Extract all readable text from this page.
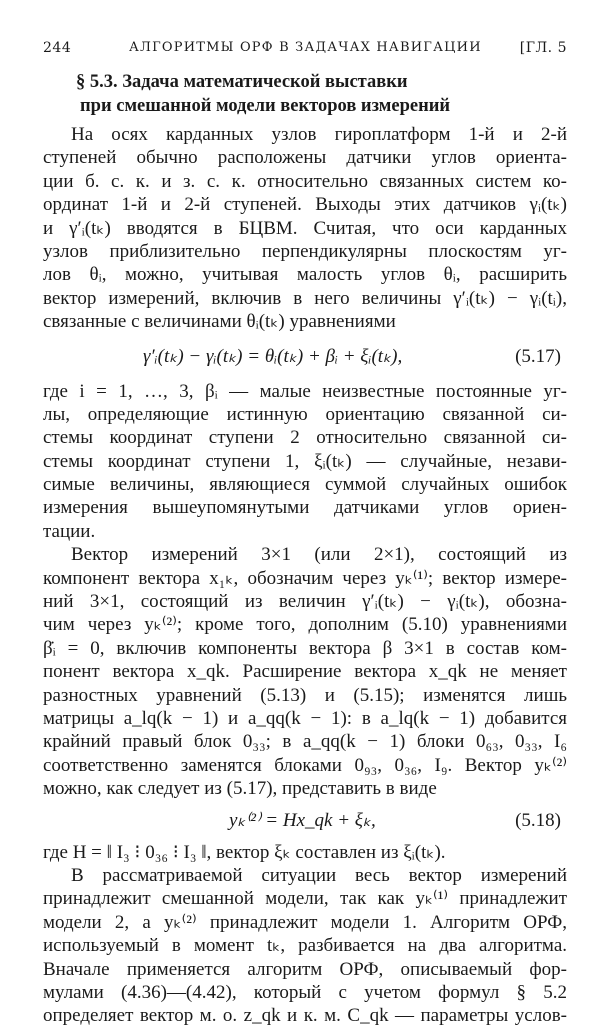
244	АЛГОРИТМЫ ОРФ В ЗАДАЧАХ НАВИГАЦИИ	[ГЛ. 5
§ 5.3. Задача математической выставки
при смешанной модели векторов измерений
На осях карданных узлов гироплатформ 1-й и 2-й
ступеней обычно расположены датчики углов ориента-
ции б. с. к. и з. с. к. относительно связанных систем ко-
ординат 1-й и 2-й ступеней. Выходы этих датчиков γᵢ(tₖ)
и γ′ᵢ(tₖ) вводятся в БЦВМ. Считая, что оси карданных
узлов приблизительно перпендикулярны плоскостям уг-
лов θᵢ, можно, учитывая малость углов θᵢ, расширить
вектор измерений, включив в него величины γ′ᵢ(tₖ) − γᵢ(tᵢ),
связанные с величинами θᵢ(tₖ) уравнениями
γ′ᵢ(tₖ) − γᵢ(tₖ) = θᵢ(tₖ) + βᵢ + ξᵢ(tₖ),	(5.17)
где i = 1, …, 3, βᵢ — малые неизвестные постоянные уг-
лы, определяющие истинную ориентацию связанной си-
стемы координат ступени 2 относительно связанной си-
стемы координат ступени 1, ξᵢ(tₖ) — случайные, незави-
симые величины, являющиеся суммой случайных ошибок
измерения вышеупомянутыми датчиками углов ориен-
тации.
Вектор измерений 3×1 (или 2×1), состоящий из
компонент вектора x₁ₖ, обозначим через yₖ⁽¹⁾; вектор измере-
ний 3×1, состоящий из величин γ′ᵢ(tₖ) − γᵢ(tₖ), обозна-
чим через yₖ⁽²⁾; кроме того, дополним (5.10) уравнениями
β̇ᵢ = 0, включив компоненты вектора β 3×1 в состав ком-
понент вектора x_qk. Расширение вектора x_qk не меняет
разностных уравнений (5.13) и (5.15); изменятся лишь
матрицы a_lq(k − 1) и a_qq(k − 1): в a_lq(k − 1) добавится
крайний правый блок 0₃₃; в a_qq(k − 1) блоки 0₆₃, 0₃₃, I₆
соответственно заменятся блоками 0₉₃, 0₃₆, I₉. Вектор yₖ⁽²⁾
можно, как следует из (5.17), представить в виде
yₖ⁽²⁾ = Hx_qk + ξₖ,	(5.18)
где H = ‖ I₃ ⁝ 0₃₆ ⁝ I₃ ‖, вектор ξₖ составлен из ξᵢ(tₖ).
В рассматриваемой ситуации весь вектор измерений
принадлежит смешанной модели, так как yₖ⁽¹⁾ принадлежит
модели 2, а yₖ⁽²⁾ принадлежит модели 1. Алгоритм ОРФ,
используемый в момент tₖ, разбивается на два алгоритма.
Вначале применяется алгоритм ОРФ, описываемый фор-
мулами (4.36)—(4.42), который с учетом формул § 5.2
определяет вектор м. о. z_qk и к. м. C_qk — параметры услов-
